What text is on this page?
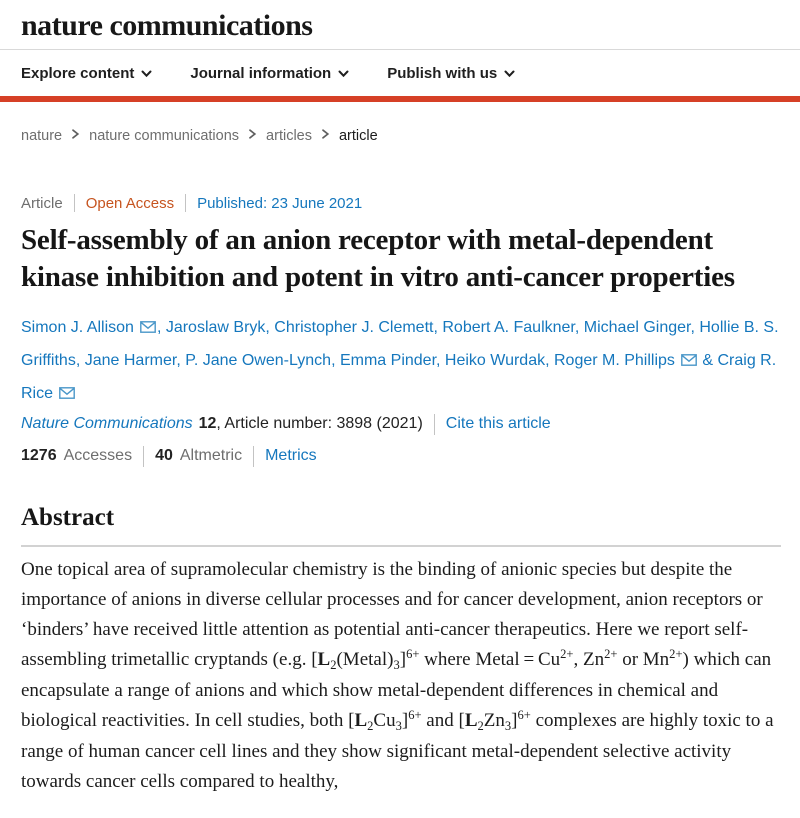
nature communications
Explore content	Journal information	Publish with us
nature nature communications articles article
Article Open Access Published: 23 June 2021
Self-assembly of an anion receptor with metal-dependent kinase inhibition and potent in vitro anti-cancer properties

Simon J. Allison , Jaroslaw Bryk, Christopher J. Clemett, Robert A. Faulkner, Michael Ginger, Hollie B. S. Griffiths, Jane Harmer, P. Jane Owen-Lynch, Emma Pinder, Heiko Wurdak, Roger M. Phillips & Craig R. Rice

Nature Communications 12 , Article number:
3898
(2021) Cite this article
1276 Accesses 40 Altmetric Metrics
Abstract

One topical area of supramolecular chemistry is the binding of anionic species but despite the importance of anions in diverse cellular processes and for cancer development, anion receptors or ‘binders’ have received little attention as potential anti-cancer therapeutics. Here we report self-assembling trimetallic cryptands (e.g. [L2(Metal)3]$^{6+}$ where Metal = $Cu^{2+}$, $Zn^{2+}$ or $Mn^{2+}$) which can encapsulate a range of anions and which show metal-dependent differences in chemical and biological reactivities. In cell studies, both $[L2Cu3]^{6+}$ and $[L2Zn3]^{6+}$ complexes are highly toxic to a range of human cancer cell lines and they show significant metal-dependent selective activity towards cancer cells compared to healthy,
